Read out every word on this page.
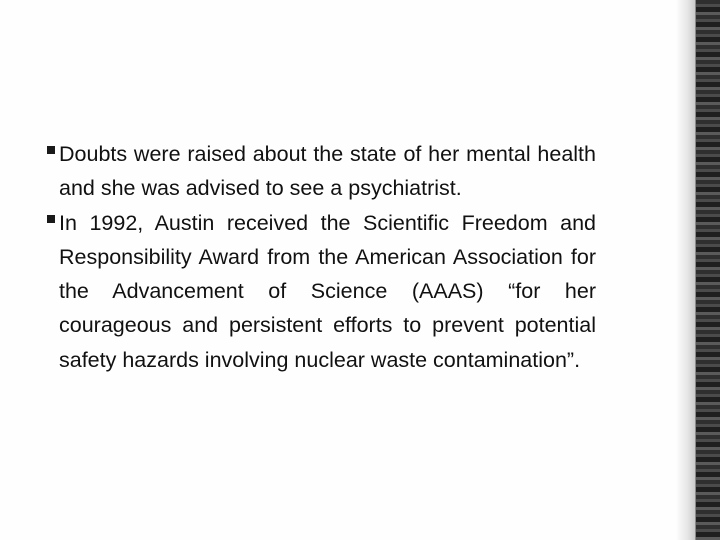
Doubts were raised about the state of her mental health and she was advised to see a psychiatrist.
In 1992, Austin received the Scientific Freedom and Responsibility Award from the American Association for the Advancement of Science (AAAS) “for her courageous and persistent efforts to prevent potential safety hazards involving nuclear waste contamination”.
